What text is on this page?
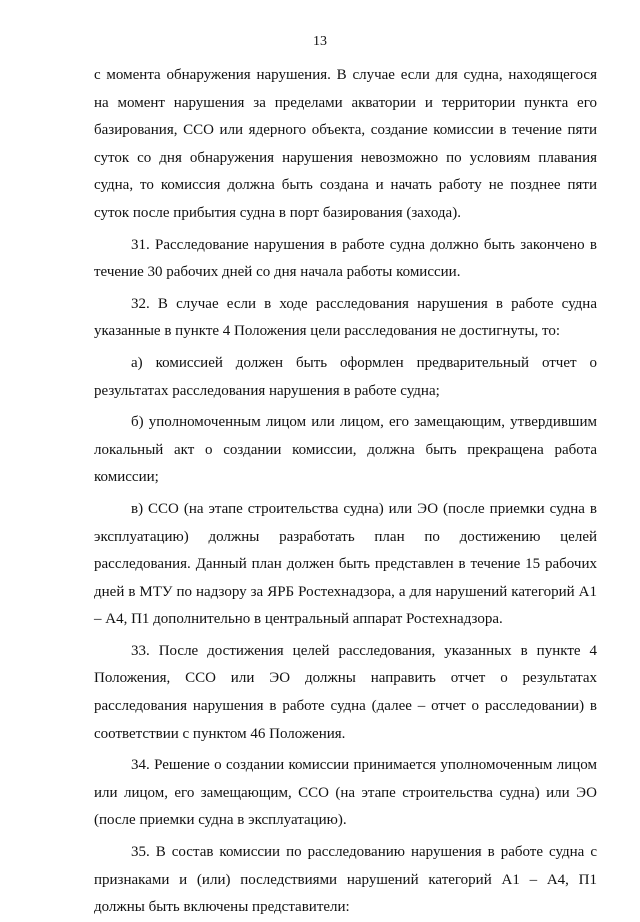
13

с момента обнаружения нарушения. В случае если для судна, находящегося на момент нарушения за пределами акватории и территории пункта его базирования, ССО или ядерного объекта, создание комиссии в течение пяти суток со дня обнаружения нарушения невозможно по условиям плавания судна, то комиссия должна быть создана и начать работу не позднее пяти суток после прибытия судна в порт базирования (захода).

31. Расследование нарушения в работе судна должно быть закончено в течение 30 рабочих дней со дня начала работы комиссии.

32. В случае если в ходе расследования нарушения в работе судна указанные в пункте 4 Положения цели расследования не достигнуты, то:

а) комиссией должен быть оформлен предварительный отчет о результатах расследования нарушения в работе судна;

б) уполномоченным лицом или лицом, его замещающим, утвердившим локальный акт о создании комиссии, должна быть прекращена работа комиссии;

в) ССО (на этапе строительства судна) или ЭО (после приемки судна в эксплуатацию) должны разработать план по достижению целей расследования. Данный план должен быть представлен в течение 15 рабочих дней в МТУ по надзору за ЯРБ Ростехнадзора, а для нарушений категорий А1 – А4, П1 дополнительно в центральный аппарат Ростехнадзора.

33. После достижения целей расследования, указанных в пункте 4 Положения, ССО или ЭО должны направить отчет о результатах расследования нарушения в работе судна (далее – отчет о расследовании) в соответствии с пунктом 46 Положения.

34. Решение о создании комиссии принимается уполномоченным лицом или лицом, его замещающим, ССО (на этапе строительства судна) или ЭО (после приемки судна в эксплуатацию).

35. В состав комиссии по расследованию нарушения в работе судна с признаками и (или) последствиями нарушений категорий А1 – А4, П1 должны быть включены представители:
